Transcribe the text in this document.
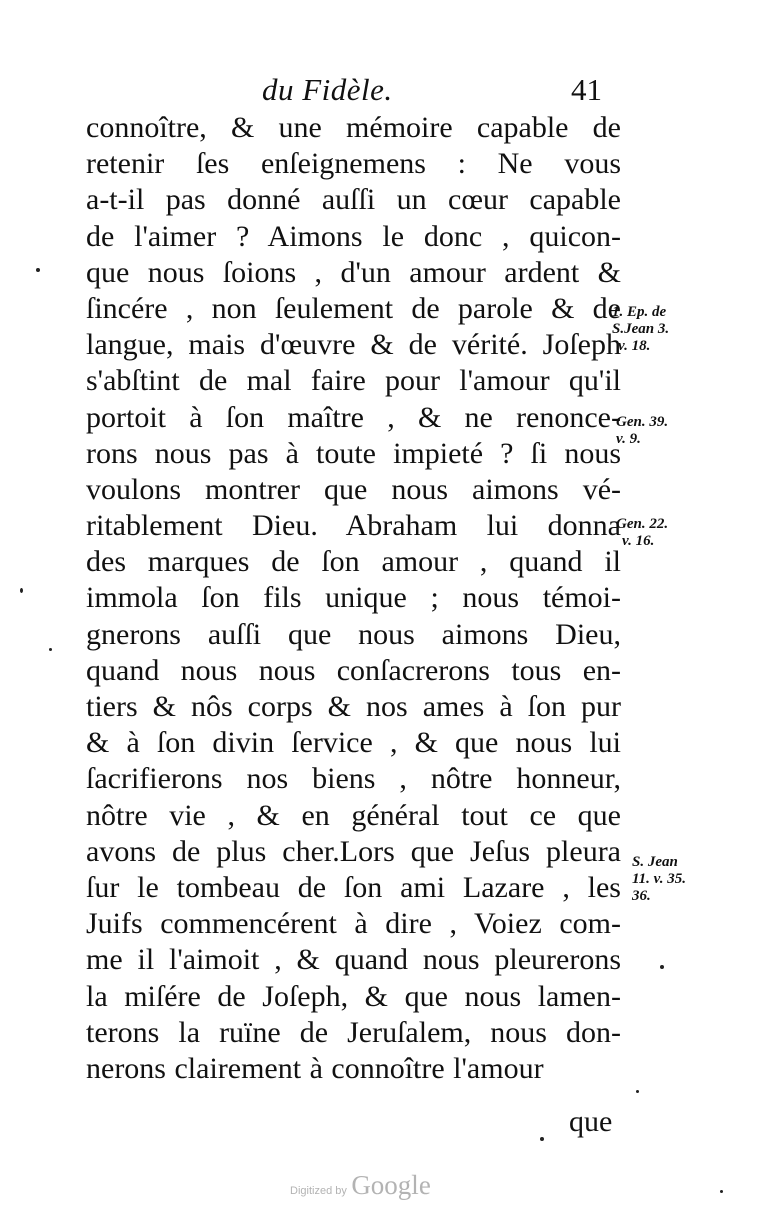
du Fidèle.	41
connoître, & une mémoire capable de
retenir ſes enſeignemens : Ne vous
a-t-il pas donné auſſi un cœur capable
de l'aimer ? Aimons le donc , quicon-
que nous ſoions , d'un amour ardent &
ſincére , non ſeulement de parole & de
langue, mais d'œuvre & de vérité. Joſeph
s'abſtint de mal faire pour l'amour qu'il
portoit à ſon maître , & ne renonce-
rons nous pas à toute impieté ? ſi nous
voulons montrer que nous aimons vé-
ritablement Dieu. Abraham lui donna
des marques de ſon amour , quand il
immola ſon fils unique ; nous témoi-
gnerons auſſi que nous aimons Dieu,
quand nous nous conſacrerons tous en-
tiers & nôs corps & nos ames à ſon pur
& à ſon divin ſervice , & que nous lui
ſacrifierons nos biens , nôtre honneur,
nôtre vie , & en général tout ce que
avons de plus cher.Lors que Jeſus pleura
ſur le tombeau de ſon ami Lazare , les
Juifs commencérent à dire , Voiez com-
me il l'aimoit , & quand nous pleurerons
la miſére de Joſeph, & que nous lamen-
terons la ruïne de Jeruſalem, nous don-
nerons clairement à connoître l'amour
que
1. Ep. de
S.Jean 3.
v. 18.
Gen. 39.
v. 9.
Gen. 22.
v. 16.
S. Jean
11. v. 35.
36.
Digitized by Google
